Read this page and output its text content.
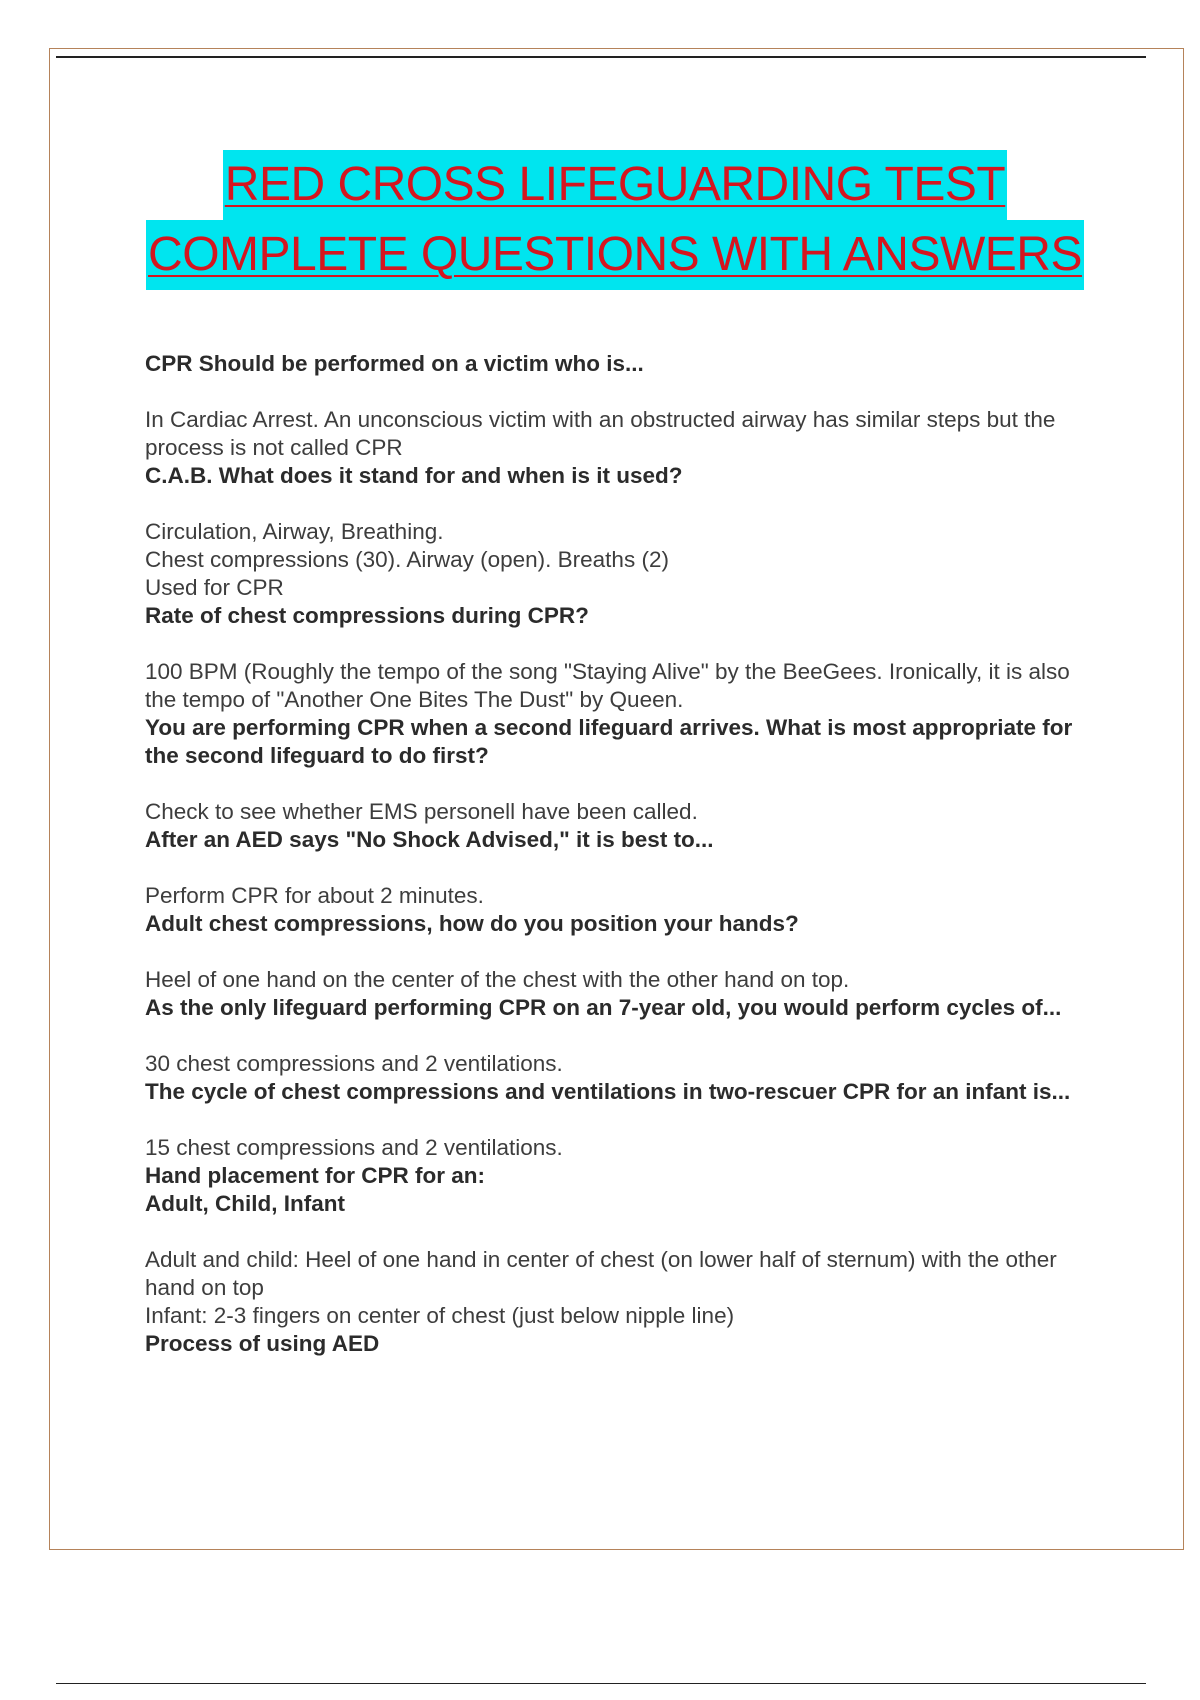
RED CROSS LIFEGUARDING TEST
COMPLETE QUESTIONS WITH ANSWERS

CPR Should be performed on a victim who is...

In Cardiac Arrest. An unconscious victim with an obstructed airway has similar steps but the process is not called CPR

C.A.B. What does it stand for and when is it used?

Circulation, Airway, Breathing.
Chest compressions (30). Airway (open). Breaths (2)
Used for CPR

Rate of chest compressions during CPR?

100 BPM (Roughly the tempo of the song "Staying Alive" by the BeeGees. Ironically, it is also the tempo of "Another One Bites The Dust" by Queen.

You are performing CPR when a second lifeguard arrives. What is most appropriate for the second lifeguard to do first?

Check to see whether EMS personell have been called.

After an AED says "No Shock Advised," it is best to...

Perform CPR for about 2 minutes.

Adult chest compressions, how do you position your hands?

Heel of one hand on the center of the chest with the other hand on top.

As the only lifeguard performing CPR on an 7-year old, you would perform cycles of...

30 chest compressions and 2 ventilations.

The cycle of chest compressions and ventilations in two-rescuer CPR for an infant is...

15 chest compressions and 2 ventilations.

Hand placement for CPR for an:
Adult, Child, Infant

Adult and child: Heel of one hand in center of chest (on lower half of sternum) with the other hand on top
Infant: 2-3 fingers on center of chest (just below nipple line)

Process of using AED
